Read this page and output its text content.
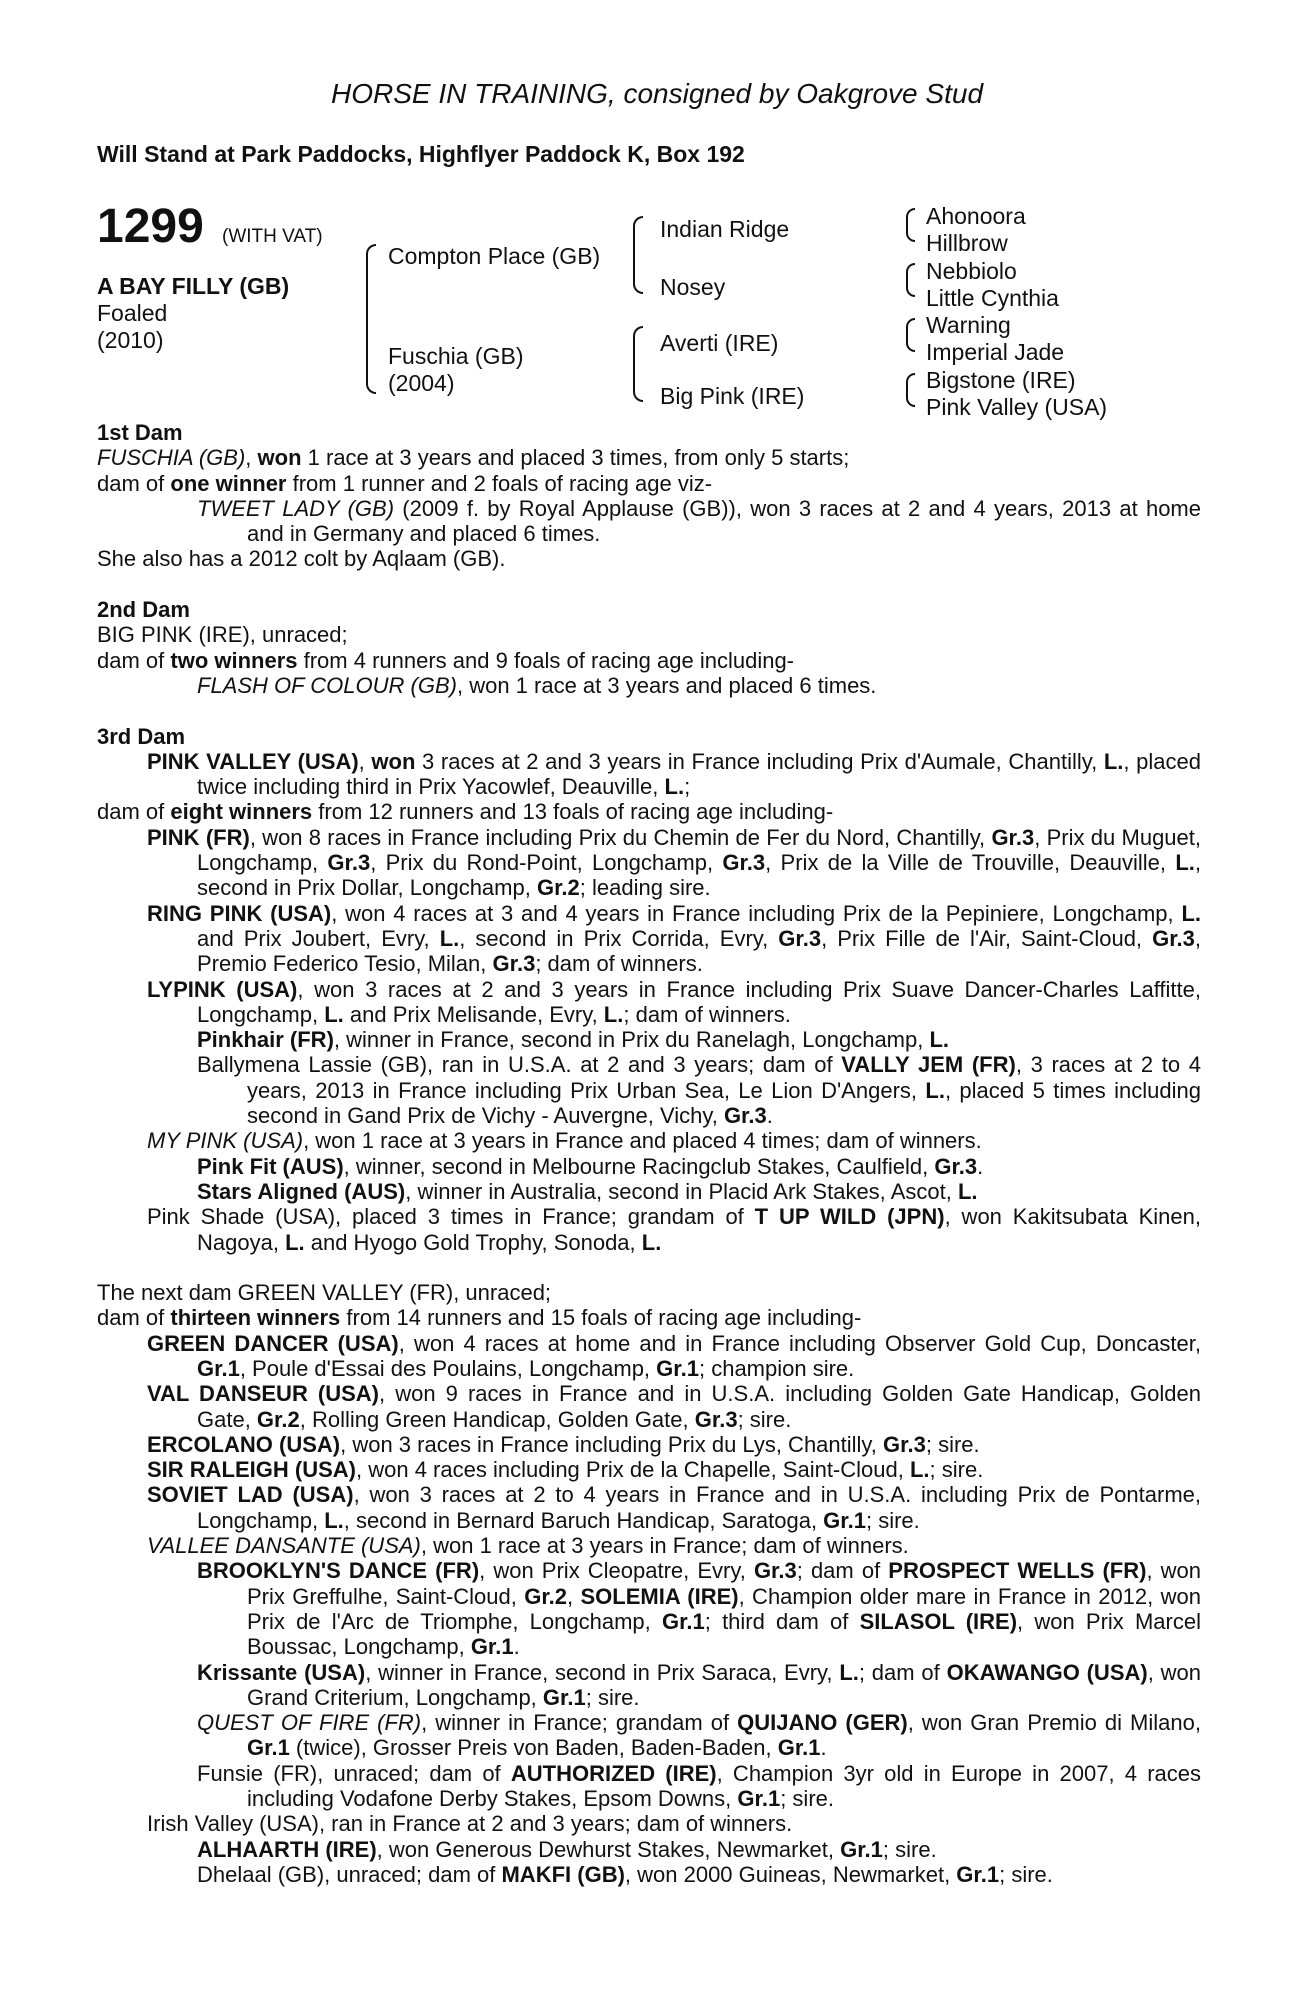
HORSE IN TRAINING, consigned by Oakgrove Stud
Will Stand at Park Paddocks, Highflyer Paddock K, Box 192
1299 (WITH VAT)
A BAY FILLY (GB)
Foaled
(2010)
Compton Place (GB)
Fuschia (GB)
(2004)
Indian Ridge
Nosey
Averti (IRE)
Big Pink (IRE)
Ahonoora
Hillbrow
Nebbiolo
Little Cynthia
Warning
Imperial Jade
Bigstone (IRE)
Pink Valley (USA)
1st Dam
FUSCHIA (GB), won 1 race at 3 years and placed 3 times, from only 5 starts;
dam of one winner from 1 runner and 2 foals of racing age viz-
TWEET LADY (GB) (2009 f. by Royal Applause (GB)), won 3 races at 2 and 4 years, 2013 at home and in Germany and placed 6 times.
She also has a 2012 colt by Aqlaam (GB).
2nd Dam
BIG PINK (IRE), unraced;
dam of two winners from 4 runners and 9 foals of racing age including-
FLASH OF COLOUR (GB), won 1 race at 3 years and placed 6 times.
3rd Dam
PINK VALLEY (USA), won 3 races at 2 and 3 years in France including Prix d'Aumale, Chantilly, L., placed twice including third in Prix Yacowlef, Deauville, L.;
dam of eight winners from 12 runners and 13 foals of racing age including-
PINK (FR), won 8 races in France including Prix du Chemin de Fer du Nord, Chantilly, Gr.3, Prix du Muguet, Longchamp, Gr.3, Prix du Rond-Point, Longchamp, Gr.3, Prix de la Ville de Trouville, Deauville, L., second in Prix Dollar, Longchamp, Gr.2; leading sire.
RING PINK (USA), won 4 races at 3 and 4 years in France including Prix de la Pepiniere, Longchamp, L. and Prix Joubert, Evry, L., second in Prix Corrida, Evry, Gr.3, Prix Fille de l'Air, Saint-Cloud, Gr.3, Premio Federico Tesio, Milan, Gr.3; dam of winners.
LYPINK (USA), won 3 races at 2 and 3 years in France including Prix Suave Dancer-Charles Laffitte, Longchamp, L. and Prix Melisande, Evry, L.; dam of winners.
Pinkhair (FR), winner in France, second in Prix du Ranelagh, Longchamp, L.
Ballymena Lassie (GB), ran in U.S.A. at 2 and 3 years; dam of VALLY JEM (FR), 3 races at 2 to 4 years, 2013 in France including Prix Urban Sea, Le Lion D'Angers, L., placed 5 times including second in Gand Prix de Vichy - Auvergne, Vichy, Gr.3.
MY PINK (USA), won 1 race at 3 years in France and placed 4 times; dam of winners.
Pink Fit (AUS), winner, second in Melbourne Racingclub Stakes, Caulfield, Gr.3.
Stars Aligned (AUS), winner in Australia, second in Placid Ark Stakes, Ascot, L.
Pink Shade (USA), placed 3 times in France; grandam of T UP WILD (JPN), won Kakitsubata Kinen, Nagoya, L. and Hyogo Gold Trophy, Sonoda, L.
The next dam GREEN VALLEY (FR), unraced;
dam of thirteen winners from 14 runners and 15 foals of racing age including-
GREEN DANCER (USA), won 4 races at home and in France including Observer Gold Cup, Doncaster, Gr.1, Poule d'Essai des Poulains, Longchamp, Gr.1; champion sire.
VAL DANSEUR (USA), won 9 races in France and in U.S.A. including Golden Gate Handicap, Golden Gate, Gr.2, Rolling Green Handicap, Golden Gate, Gr.3; sire.
ERCOLANO (USA), won 3 races in France including Prix du Lys, Chantilly, Gr.3; sire.
SIR RALEIGH (USA), won 4 races including Prix de la Chapelle, Saint-Cloud, L.; sire.
SOVIET LAD (USA), won 3 races at 2 to 4 years in France and in U.S.A. including Prix de Pontarme, Longchamp, L., second in Bernard Baruch Handicap, Saratoga, Gr.1; sire.
VALLEE DANSANTE (USA), won 1 race at 3 years in France; dam of winners.
BROOKLYN'S DANCE (FR), won Prix Cleopatre, Evry, Gr.3; dam of PROSPECT WELLS (FR), won Prix Greffulhe, Saint-Cloud, Gr.2, SOLEMIA (IRE), Champion older mare in France in 2012, won Prix de l'Arc de Triomphe, Longchamp, Gr.1; third dam of SILASOL (IRE), won Prix Marcel Boussac, Longchamp, Gr.1.
Krissante (USA), winner in France, second in Prix Saraca, Evry, L.; dam of OKAWANGO (USA), won Grand Criterium, Longchamp, Gr.1; sire.
QUEST OF FIRE (FR), winner in France; grandam of QUIJANO (GER), won Gran Premio di Milano, Gr.1 (twice), Grosser Preis von Baden, Baden-Baden, Gr.1.
Funsie (FR), unraced; dam of AUTHORIZED (IRE), Champion 3yr old in Europe in 2007, 4 races including Vodafone Derby Stakes, Epsom Downs, Gr.1; sire.
Irish Valley (USA), ran in France at 2 and 3 years; dam of winners.
ALHAARTH (IRE), won Generous Dewhurst Stakes, Newmarket, Gr.1; sire.
Dhelaal (GB), unraced; dam of MAKFI (GB), won 2000 Guineas, Newmarket, Gr.1; sire.
